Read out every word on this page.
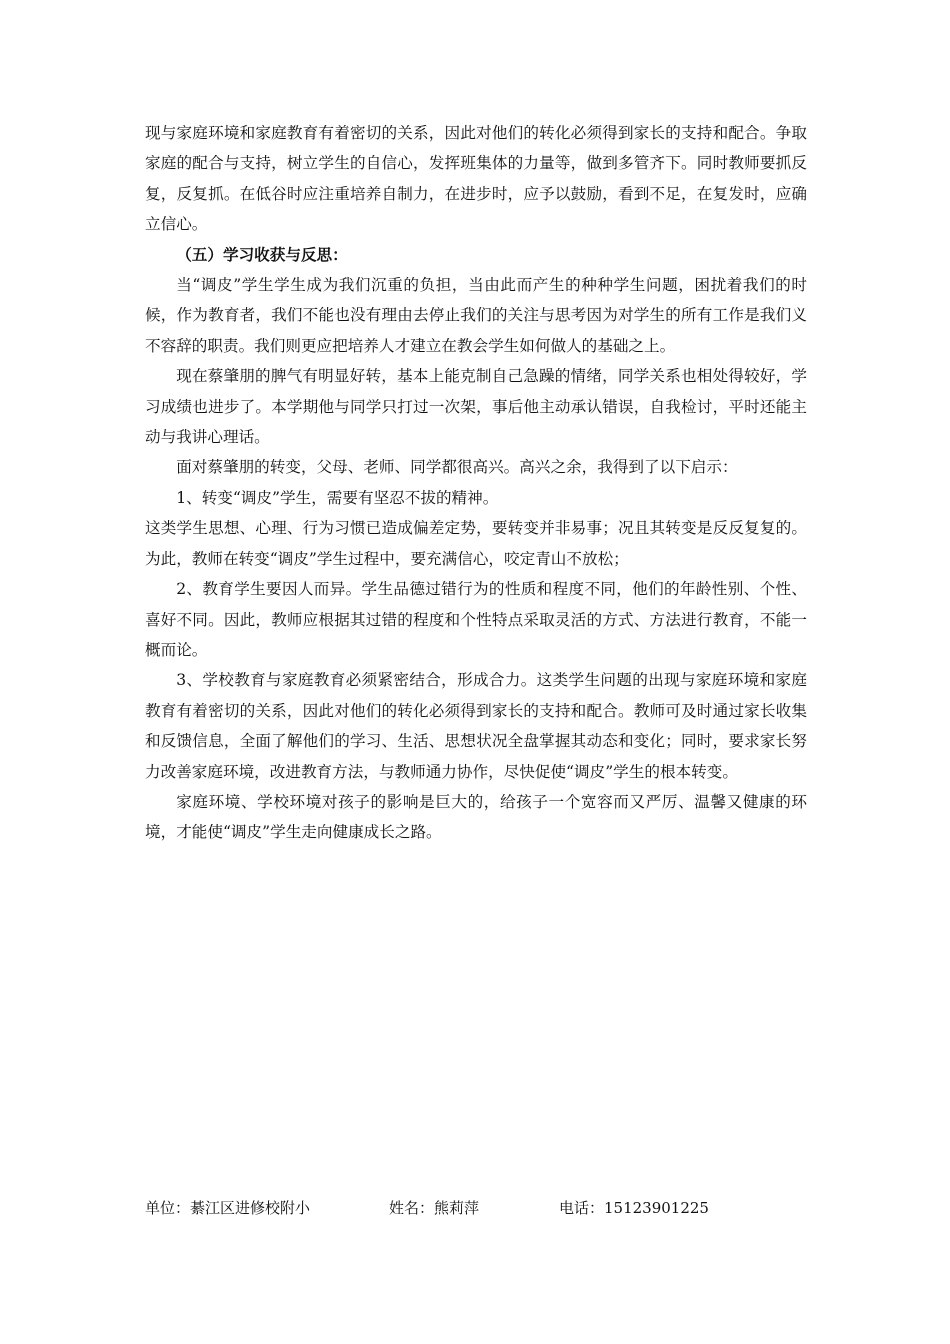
现与家庭环境和家庭教育有着密切的关系，因此对他们的转化必须得到家长的支持和配合。争取家庭的配合与支持，树立学生的自信心，发挥班集体的力量等，做到多管齐下。同时教师要抓反复，反复抓。在低谷时应注重培养自制力，在进步时，应予以鼓励，看到不足，在复发时，应确立信心。

（五）学习收获与反思：

当“调皮”学生学生成为我们沉重的负担，当由此而产生的种种学生问题，困扰着我们的时候，作为教育者，我们不能也没有理由去停止我们的关注与思考因为对学生的所有工作是我们义不容辞的职责。我们则更应把培养人才建立在教会学生如何做人的基础之上。

现在蔡肇朋的脾气有明显好转，基本上能克制自己急躁的情绪，同学关系也相处得较好，学习成绩也进步了。本学期他与同学只打过一次架，事后他主动承认错误，自我检讨，平时还能主动与我讲心理话。

面对蔡肇朋的转变，父母、老师、同学都很高兴。高兴之余，我得到了以下启示：

1、转变“调皮”学生，需要有坚忍不拔的精神。

这类学生思想、心理、行为习惯已造成偏差定势，要转变并非易事；况且其转变是反反复复的。为此，教师在转变“调皮”学生过程中，要充满信心，咬定青山不放松；

2、教育学生要因人而异。学生品德过错行为的性质和程度不同，他们的年龄性别、个性、喜好不同。因此，教师应根据其过错的程度和个性特点采取灵活的方式、方法进行教育，不能一概而论。

3、学校教育与家庭教育必须紧密结合，形成合力。这类学生问题的出现与家庭环境和家庭教育有着密切的关系，因此对他们的转化必须得到家长的支持和配合。教师可及时通过家长收集和反馈信息，全面了解他们的学习、生活、思想状况全盘掌握其动态和变化；同时，要求家长努力改善家庭环境，改进教育方法，与教师通力协作，尽快促使“调皮”学生的根本转变。

家庭环境、学校环境对孩子的影响是巨大的，给孩子一个宽容而又严厉、温馨又健康的环境，才能使“调皮”学生走向健康成长之路。

单位：綦江区进修校附小	姓名：熊莉萍	电话：15123901225
